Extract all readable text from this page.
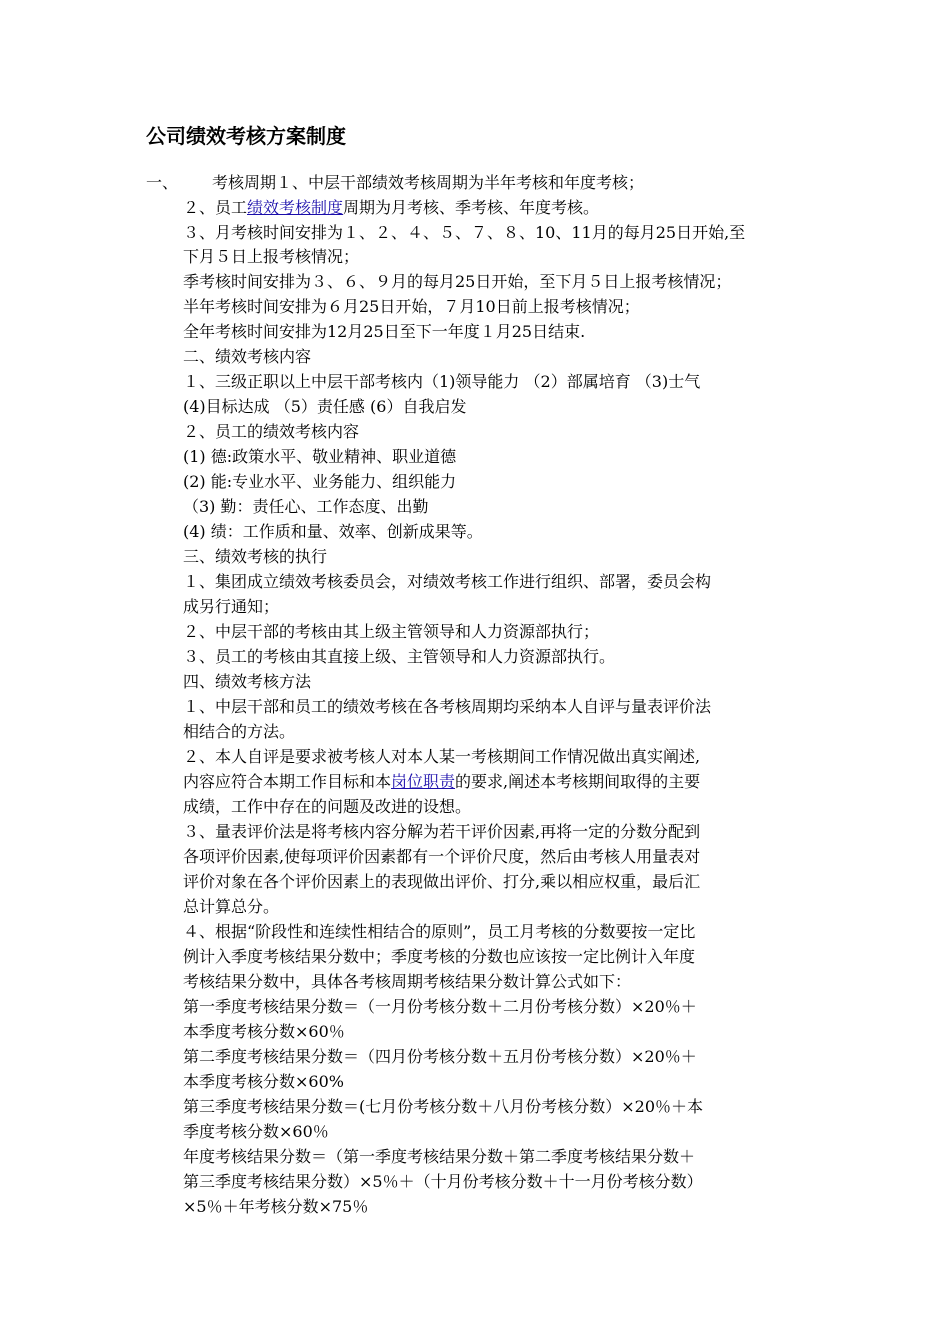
公司绩效考核方案制度
一、 考核周期１、中层干部绩效考核周期为半年考核和年度考核；
２、员工绩效考核制度周期为月考核、季考核、年度考核。
３、月考核时间安排为１、２、４、５、７、８、10、11月的每月25日开始,至
下月５日上报考核情况；
季考核时间安排为３、６、９月的每月25日开始，至下月５日上报考核情况；
半年考核时间安排为６月25日开始，７月10日前上报考核情况；
全年考核时间安排为12月25日至下一年度１月25日结束.
二、绩效考核内容
１、三级正职以上中层干部考核内（1)领导能力 （2）部属培育 （3)士气
(4)目标达成 （5）责任感 (6）自我启发
２、员工的绩效考核内容
(1) 德:政策水平、敬业精神、职业道德
(2) 能:专业水平、业务能力、组织能力
（3) 勤：责任心、工作态度、出勤
(4) 绩：工作质和量、效率、创新成果等。
三、绩效考核的执行
１、集团成立绩效考核委员会，对绩效考核工作进行组织、部署，委员会构
成另行通知；
２、中层干部的考核由其上级主管领导和人力资源部执行；
３、员工的考核由其直接上级、主管领导和人力资源部执行。
四、绩效考核方法
１、中层干部和员工的绩效考核在各考核周期均采纳本人自评与量表评价法
相结合的方法。
２、本人自评是要求被考核人对本人某一考核期间工作情况做出真实阐述,
内容应符合本期工作目标和本岗位职责的要求,阐述本考核期间取得的主要
成绩，工作中存在的问题及改进的设想。
３、量表评价法是将考核内容分解为若干评价因素,再将一定的分数分配到
各项评价因素,使每项评价因素都有一个评价尺度，然后由考核人用量表对
评价对象在各个评价因素上的表现做出评价、打分,乘以相应权重，最后汇
总计算总分。
４、根据“阶段性和连续性相结合的原则”，员工月考核的分数要按一定比
例计入季度考核结果分数中；季度考核的分数也应该按一定比例计入年度
考核结果分数中，具体各考核周期考核结果分数计算公式如下：
第一季度考核结果分数＝（一月份考核分数＋二月份考核分数）×20％＋
本季度考核分数×60％
第二季度考核结果分数＝（四月份考核分数＋五月份考核分数）×20％＋
本季度考核分数×60%
第三季度考核结果分数＝(七月份考核分数＋八月份考核分数）×20％＋本
季度考核分数×60％
年度考核结果分数＝（第一季度考核结果分数＋第二季度考核结果分数＋
第三季度考核结果分数）×5％＋（十月份考核分数＋十一月份考核分数）
×5％＋年考核分数×75％
